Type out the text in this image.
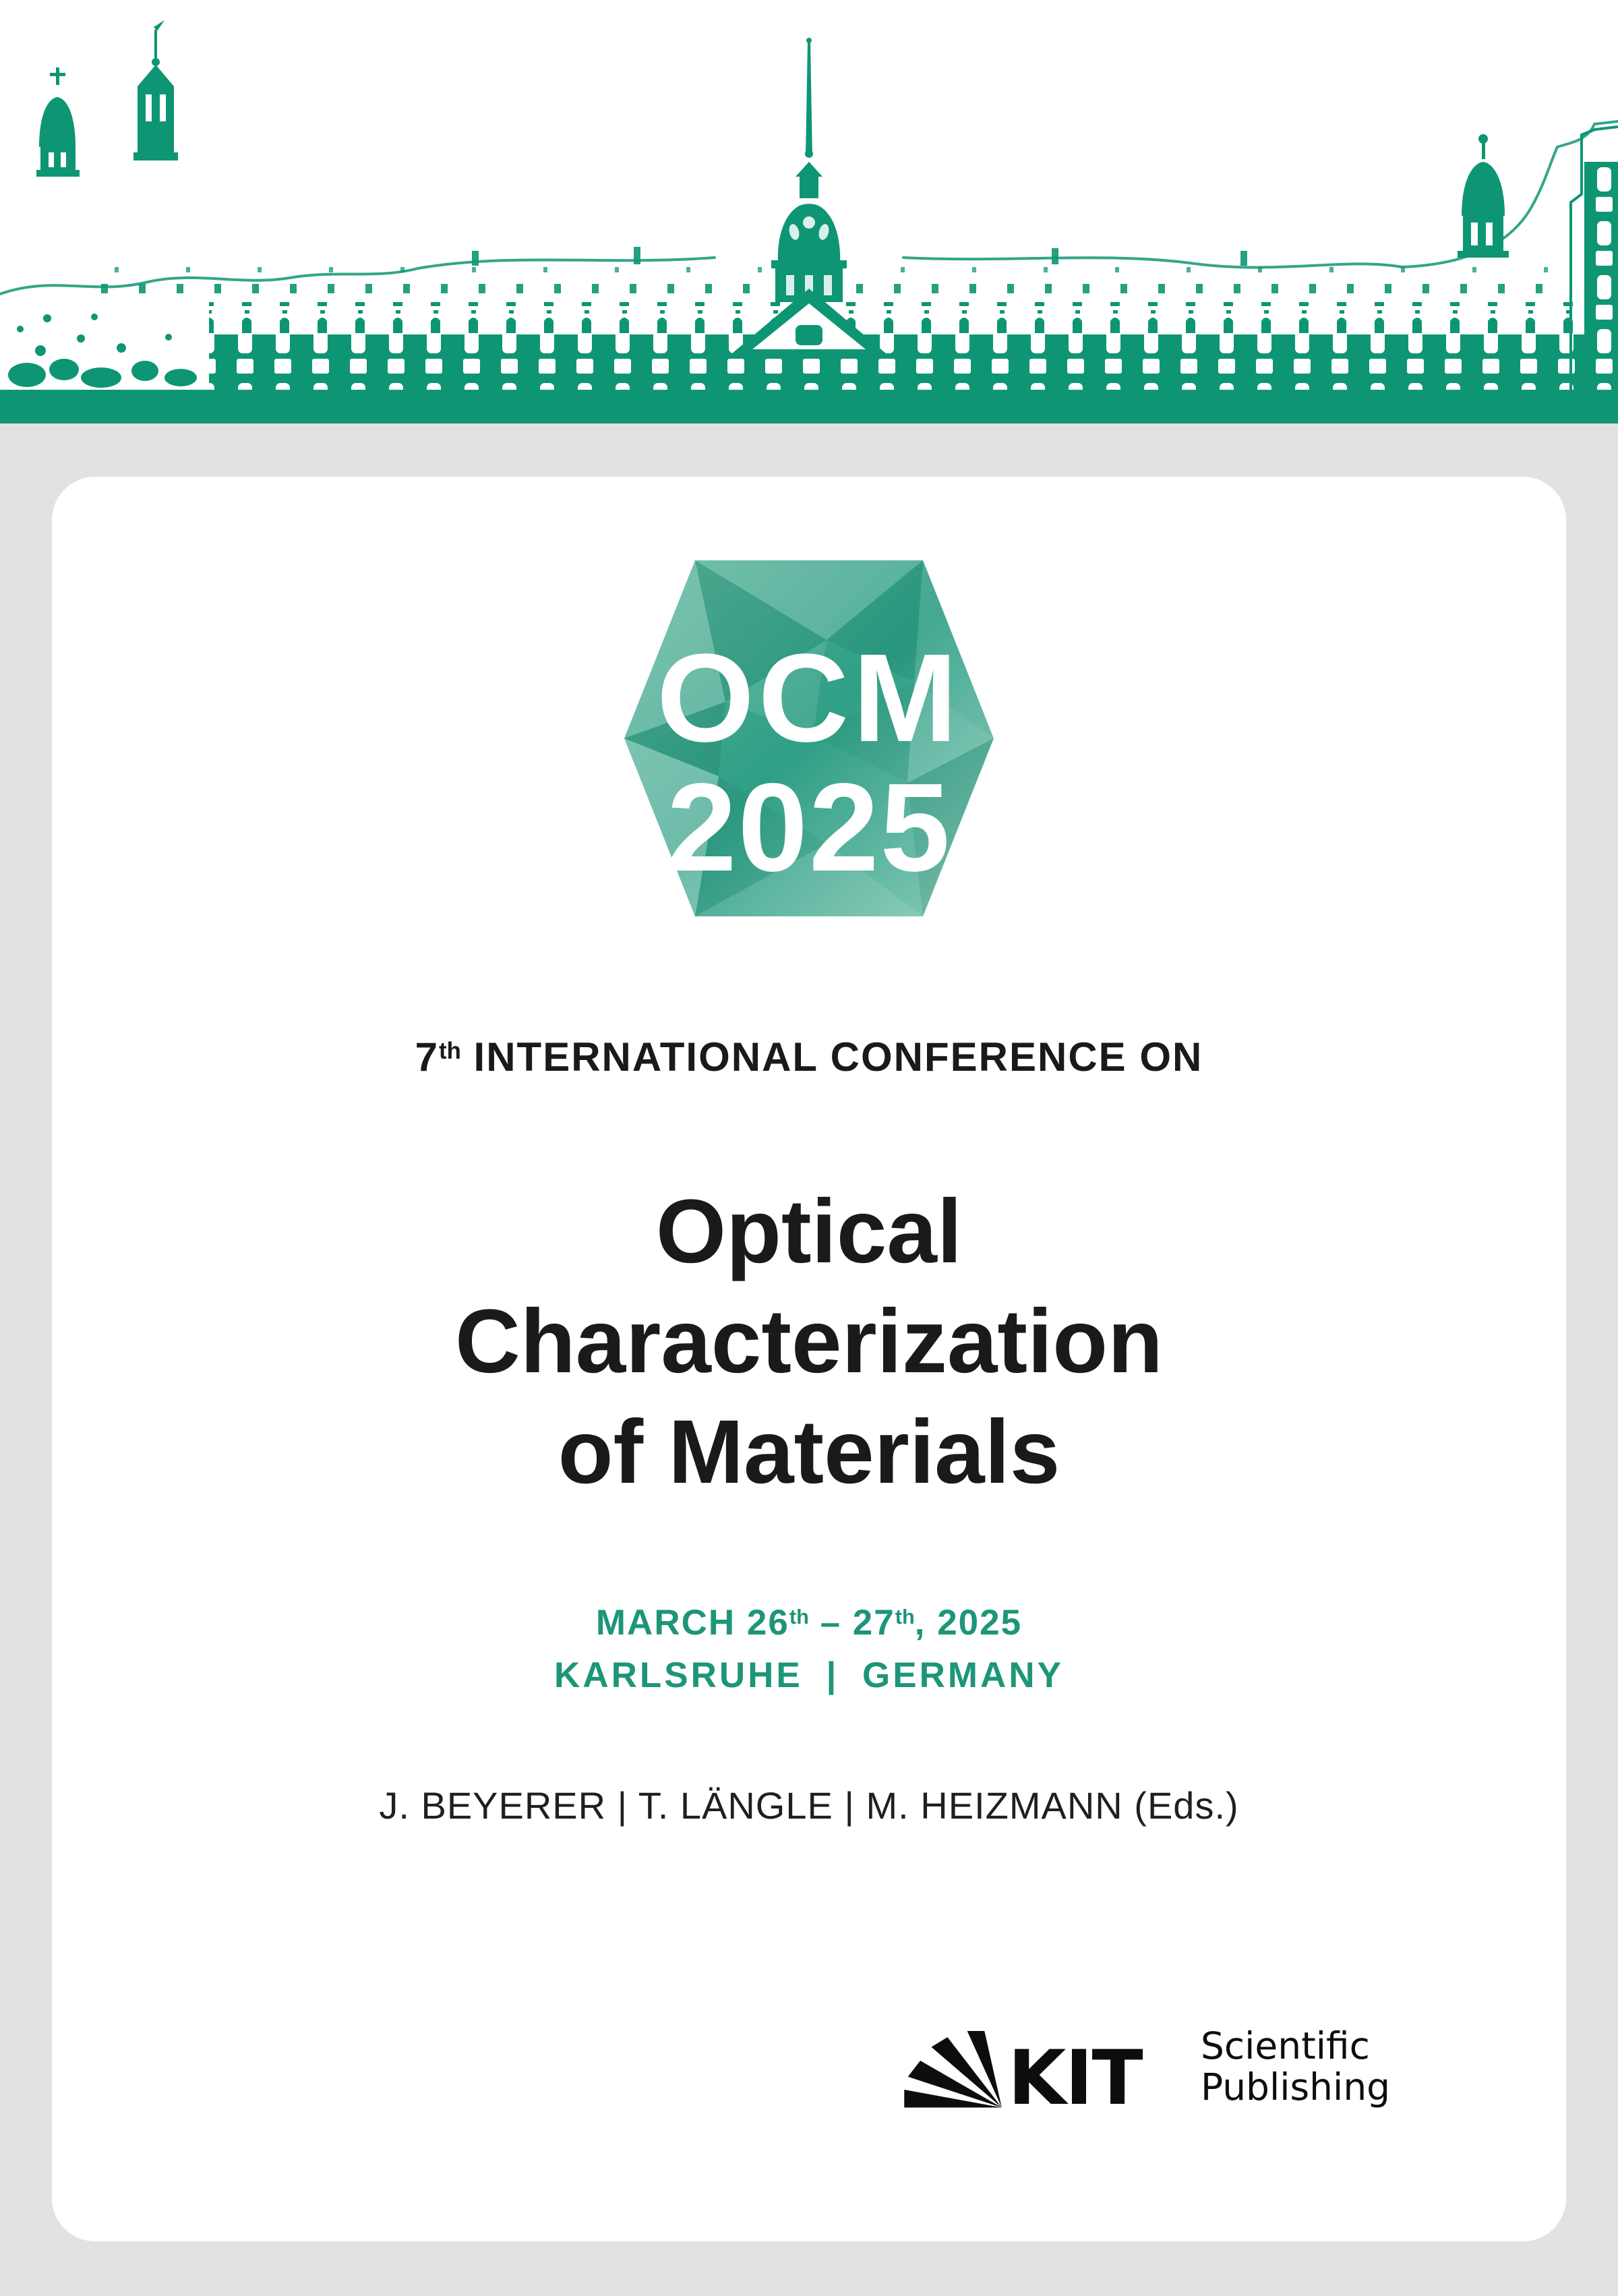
OCM
2025
7th INTERNATIONAL CONFERENCE ON
Optical
Characterization
of Materials
MARCH 26th – 27th, 2025
KARLSRUHE | GERMANY
J. BEYERER | T. LÄNGLE | M. HEIZMANN (Eds.)
KIT Scientific
Publishing
